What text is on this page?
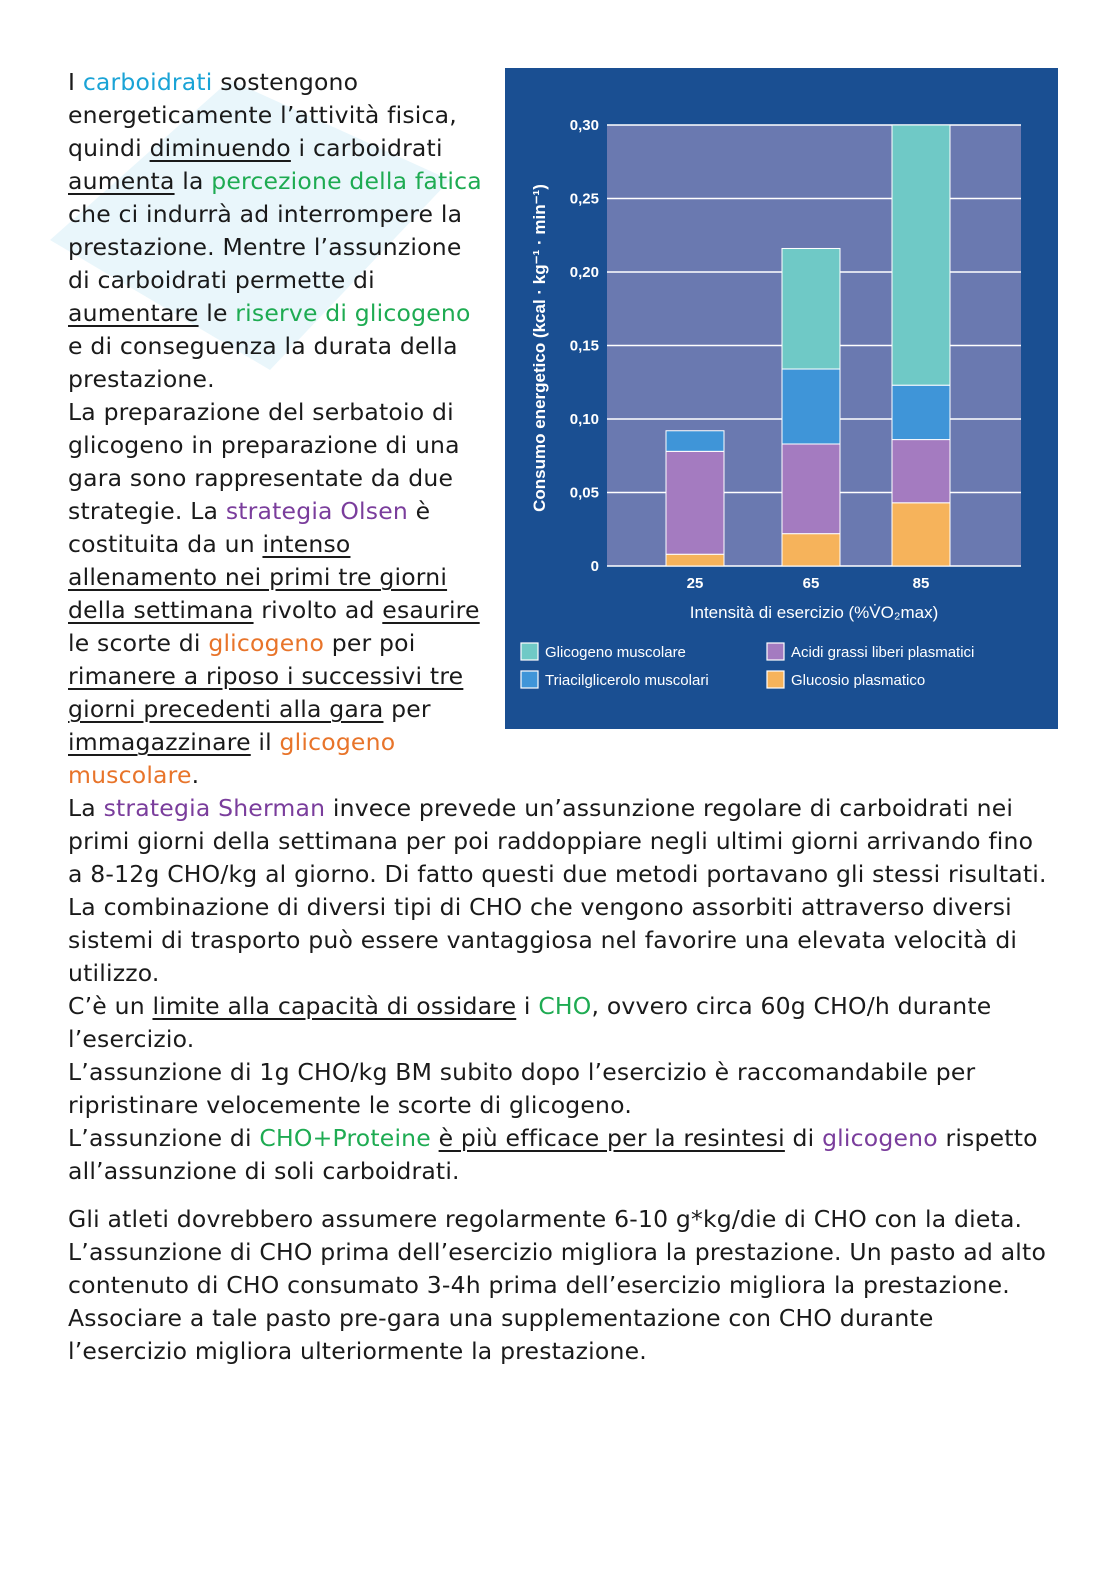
0
0,05
0,10
0,15
0,20
0,25
0,30
25	65	85
Intensità di esercizio (%V̇O₂max)
Consumo energetico (kcal · kg⁻¹ · min⁻¹)
Glicogeno muscolare	Acidi grassi liberi plasmatici
Triacilglicerolo muscolari	Glucosio plasmatico

I carboidrati sostengono energeticamente l’attività fisica, quindi diminuendo i carboidrati aumenta la percezione della fatica che ci indurrà ad interrompere la prestazione. Mentre l’assunzione di carboidrati permette di aumentare le riserve di glicogeno e di conseguenza la durata della prestazione.

La preparazione del serbatoio di glicogeno in preparazione di una gara sono rappresentate da due strategie. La strategia Olsen è costituita da un intenso allenamento nei primi tre giorni della settimana rivolto ad esaurire le scorte di glicogeno per poi rimanere a riposo i successivi tre giorni precedenti alla gara per immagazzinare il glicogeno muscolare.

La strategia Sherman invece prevede un’assunzione regolare di carboidrati nei primi giorni della settimana per poi raddoppiare negli ultimi giorni arrivando fino a 8-12g CHO/kg al giorno. Di fatto questi due metodi portavano gli stessi risultati.

La combinazione di diversi tipi di CHO che vengono assorbiti attraverso diversi sistemi di trasporto può essere vantaggiosa nel favorire una elevata velocità di utilizzo.

C’è un limite alla capacità di ossidare i CHO, ovvero circa 60g CHO/h durante l’esercizio.

L’assunzione di 1g CHO/kg BM subito dopo l’esercizio è raccomandabile per ripristinare velocemente le scorte di glicogeno.

L’assunzione di CHO+Proteine è più efficace per la resintesi di glicogeno rispetto all’assunzione di soli carboidrati.

Gli atleti dovrebbero assumere regolarmente 6-10 g*kg/die di CHO con la dieta. L’assunzione di CHO prima dell’esercizio migliora la prestazione. Un pasto ad alto contenuto di CHO consumato 3-4h prima dell’esercizio migliora la prestazione. Associare a tale pasto pre-gara una supplementazione con CHO durante l’esercizio migliora ulteriormente la prestazione.
